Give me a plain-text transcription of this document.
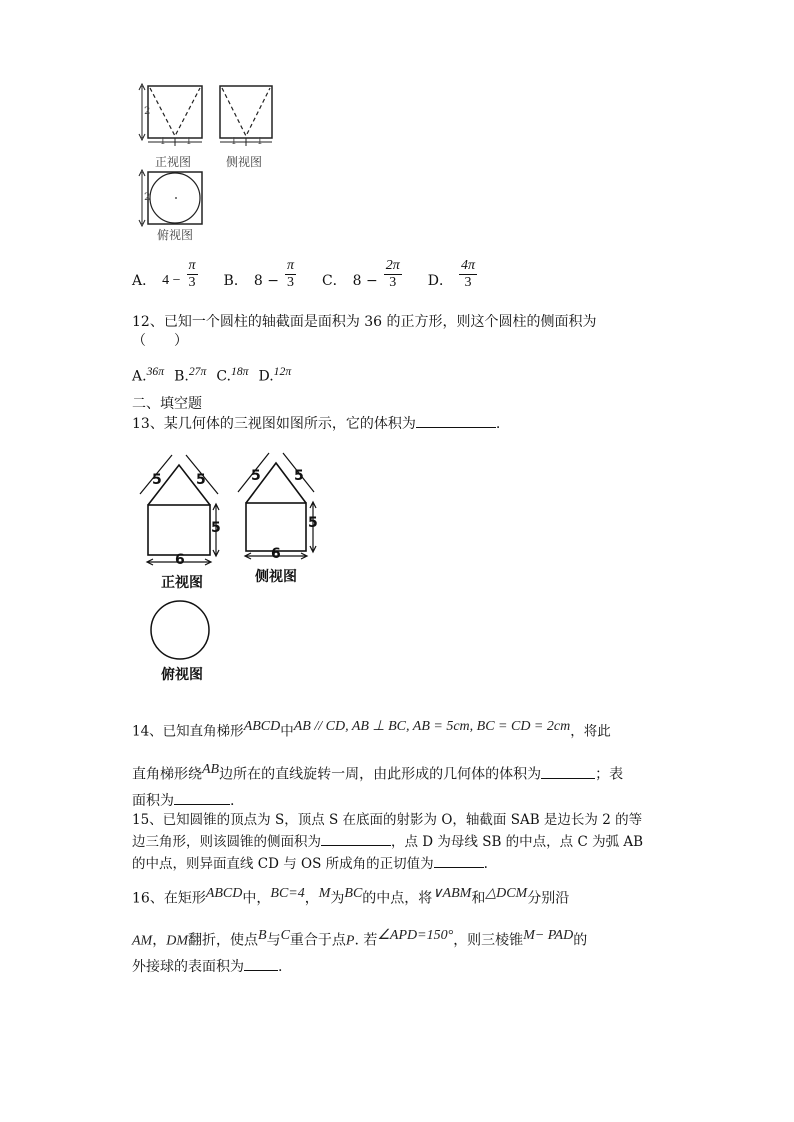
2
2
1 1	1 1
正视图	侧视图
俯视图
A． $4 - \frac{\pi}{3}$ B． $8 - \frac{\pi}{3}$ C． $8 - \frac{2\pi}{3}$ D． $\frac{4\pi}{3}$
12、已知一个圆柱的轴截面是面积为 36 的正方形，则这个圆柱的侧面积为
（　　）
A.$^{36\pi}$ B.$^{27\pi}$ C.$^{18\pi}$ D.$^{12\pi}$
二、填空题
13、某几何体的三视图如图所示，它的体积为	.
5 5
5
6
5 5
5
6
正视图	侧视图
俯视图
14、已知直角梯形$^{ABCD}$中$^{AB // CD, AB \perp BC, AB = 5cm, BC = CD = 2cm}$，将此
直角梯形绕$^{AB}$边所在的直线旋转一周，由此形成的几何体的体积为	；表
面积为	.
15、已知圆锥的顶点为 S，顶点 S 在底面的射影为 O，轴截面 SAB 是边长为 2 的等
边三角形，则该圆锥的侧面积为	，点 D 为母线 SB 的中点，点 C 为弧 AB
的中点，则异面直线 CD 与 OS 所成角的正切值为	.
16、在矩形$^{ABCD}$中，$^{BC=4}$，$^M$为$^{BC}$的中点，将$^{\vee ABM}$和$^{\triangle DCM}$分别沿
AM，DM翻折，使点$^B$与$^C$重合于点P. 若$^{\angle APD=150^\circ}$，则三棱锥$^{M- PAD}$的
外接球的表面积为 .
